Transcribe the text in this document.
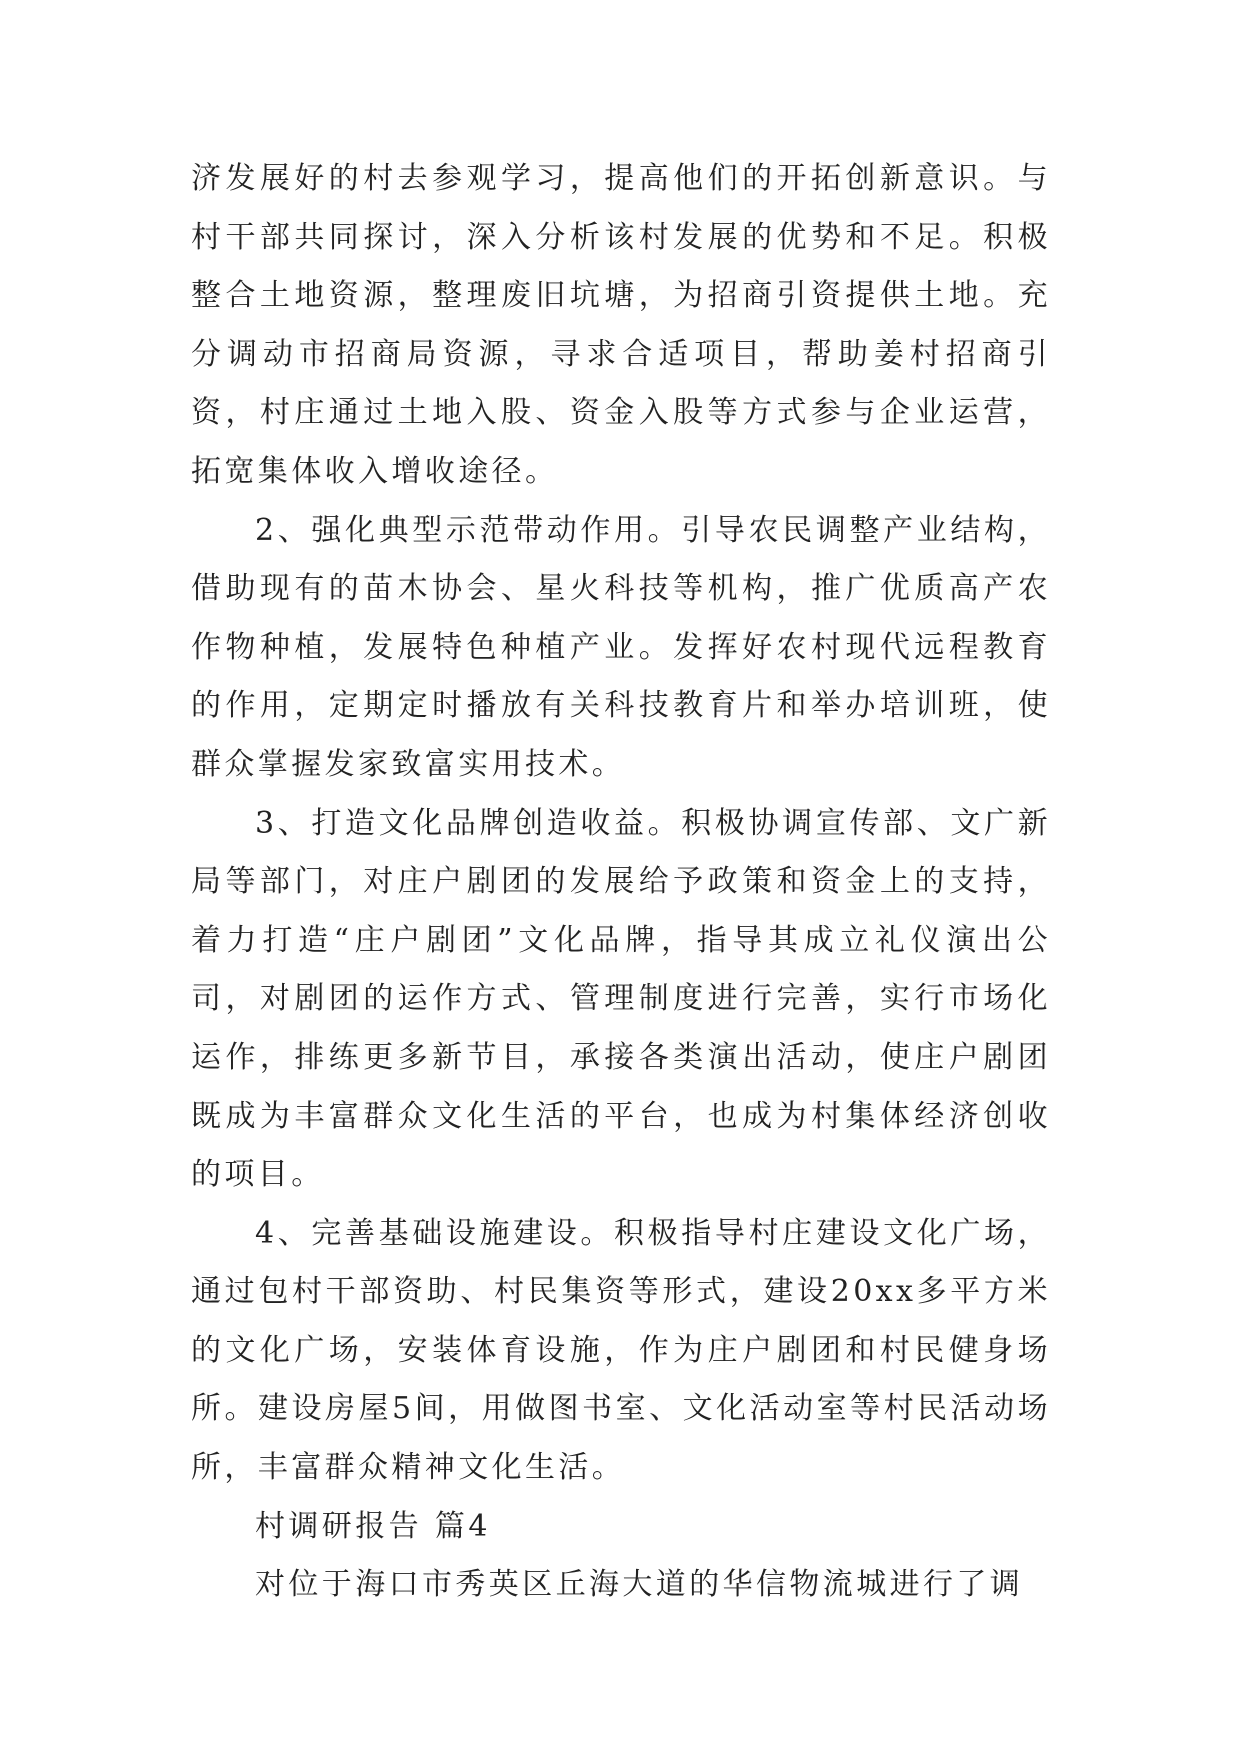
济发展好的村去参观学习，提高他们的开拓创新意识。与村干部共同探讨，深入分析该村发展的优势和不足。积极整合土地资源，整理废旧坑塘，为招商引资提供土地。充分调动市招商局资源，寻求合适项目，帮助姜村招商引资，村庄通过土地入股、资金入股等方式参与企业运营，拓宽集体收入增收途径。

2、强化典型示范带动作用。引导农民调整产业结构，借助现有的苗木协会、星火科技等机构，推广优质高产农作物种植，发展特色种植产业。发挥好农村现代远程教育的作用，定期定时播放有关科技教育片和举办培训班，使群众掌握发家致富实用技术。

3、打造文化品牌创造收益。积极协调宣传部、文广新局等部门，对庄户剧团的发展给予政策和资金上的支持，着力打造“庄户剧团”文化品牌，指导其成立礼仪演出公司，对剧团的运作方式、管理制度进行完善，实行市场化运作，排练更多新节目，承接各类演出活动，使庄户剧团既成为丰富群众文化生活的平台，也成为村集体经济创收的项目。

4、完善基础设施建设。积极指导村庄建设文化广场，通过包村干部资助、村民集资等形式，建设20xx多平方米的文化广场，安装体育设施，作为庄户剧团和村民健身场所。建设房屋5间，用做图书室、文化活动室等村民活动场所，丰富群众精神文化生活。

村调研报告 篇4

对位于海口市秀英区丘海大道的华信物流城进行了调
